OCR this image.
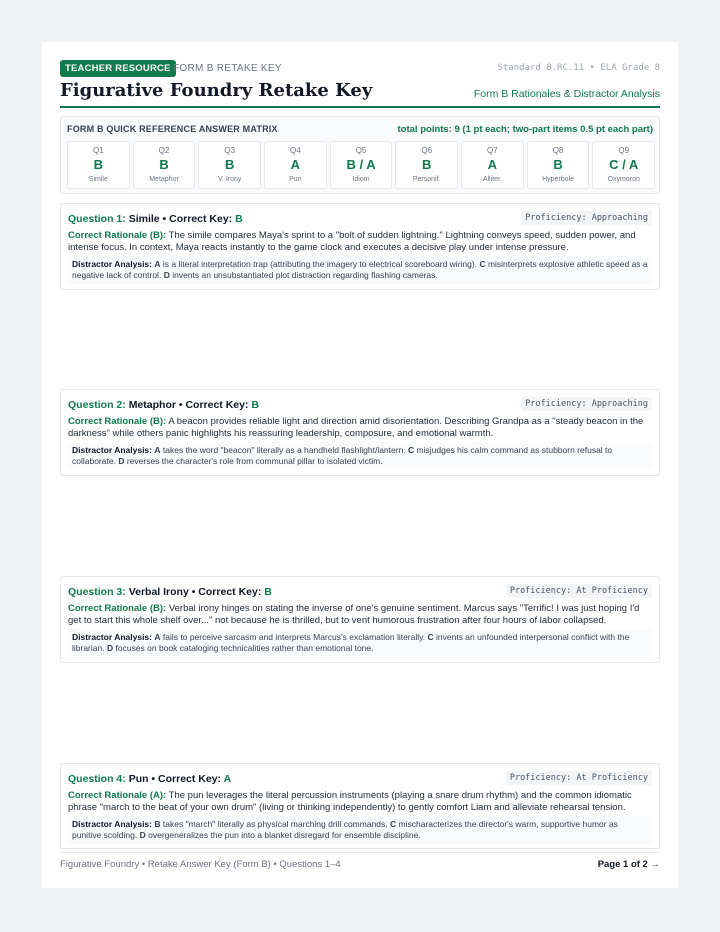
TEACHER RESOURCE FORM B RETAKE KEY	Standard 8.RC.11 • ELA Grade 8
Figurative Foundry Retake Key	Form B Rationales & Distractor Analysis
FORM B QUICK REFERENCE ANSWER MATRIX	total points: 9 (1 pt each; two-part items 0.5 pt each part)
Q1
B
Simile
Q2
B
Metaphor
Q3
B
V. Irony
Q4
A
Pun
Q5
B / A
Idiom
Q6
B
Personif.
Q7
A
Alliter.
Q8
B
Hyperbole
Q9
C / A
Oxymoron
Question 1: Simile • Correct Key: B	Proficiency: Approaching
Correct Rationale (B): The simile compares Maya's sprint to a "bolt of sudden lightning." Lightning conveys speed, sudden power, and intense focus. In context, Maya reacts instantly to the game clock and executes a decisive play under intense pressure.
Distractor Analysis: A is a literal interpretation trap (attributing the imagery to electrical scoreboard wiring). C misinterprets explosive athletic speed as a negative lack of control. D invents an unsubstantiated plot distraction regarding flashing cameras.
Question 2: Metaphor • Correct Key: B	Proficiency: Approaching
Correct Rationale (B): A beacon provides reliable light and direction amid disorientation. Describing Grandpa as a "steady beacon in the darkness" while others panic highlights his reassuring leadership, composure, and emotional warmth.
Distractor Analysis: A takes the word "beacon" literally as a handheld flashlight/lantern. C misjudges his calm command as stubborn refusal to collaborate. D reverses the character's role from communal pillar to isolated victim.
Question 3: Verbal Irony • Correct Key: B	Proficiency: At Proficiency
Correct Rationale (B): Verbal irony hinges on stating the inverse of one's genuine sentiment. Marcus says "Terrific! I was just hoping I'd get to start this whole shelf over..." not because he is thrilled, but to vent humorous frustration after four hours of labor collapsed.
Distractor Analysis: A fails to perceive sarcasm and interprets Marcus's exclamation literally. C invents an unfounded interpersonal conflict with the librarian. D focuses on book cataloging technicalities rather than emotional tone.
Question 4: Pun • Correct Key: A	Proficiency: At Proficiency
Correct Rationale (A): The pun leverages the literal percussion instruments (playing a snare drum rhythm) and the common idiomatic phrase "march to the beat of your own drum" (living or thinking independently) to gently comfort Liam and alleviate rehearsal tension.
Distractor Analysis: B takes "march" literally as physical marching drill commands. C mischaracterizes the director's warm, supportive humor as punitive scolding. D overgeneralizes the pun into a blanket disregard for ensemble discipline.
Figurative Foundry • Retake Answer Key (Form B) • Questions 1–4	Page 1 of 2 →
